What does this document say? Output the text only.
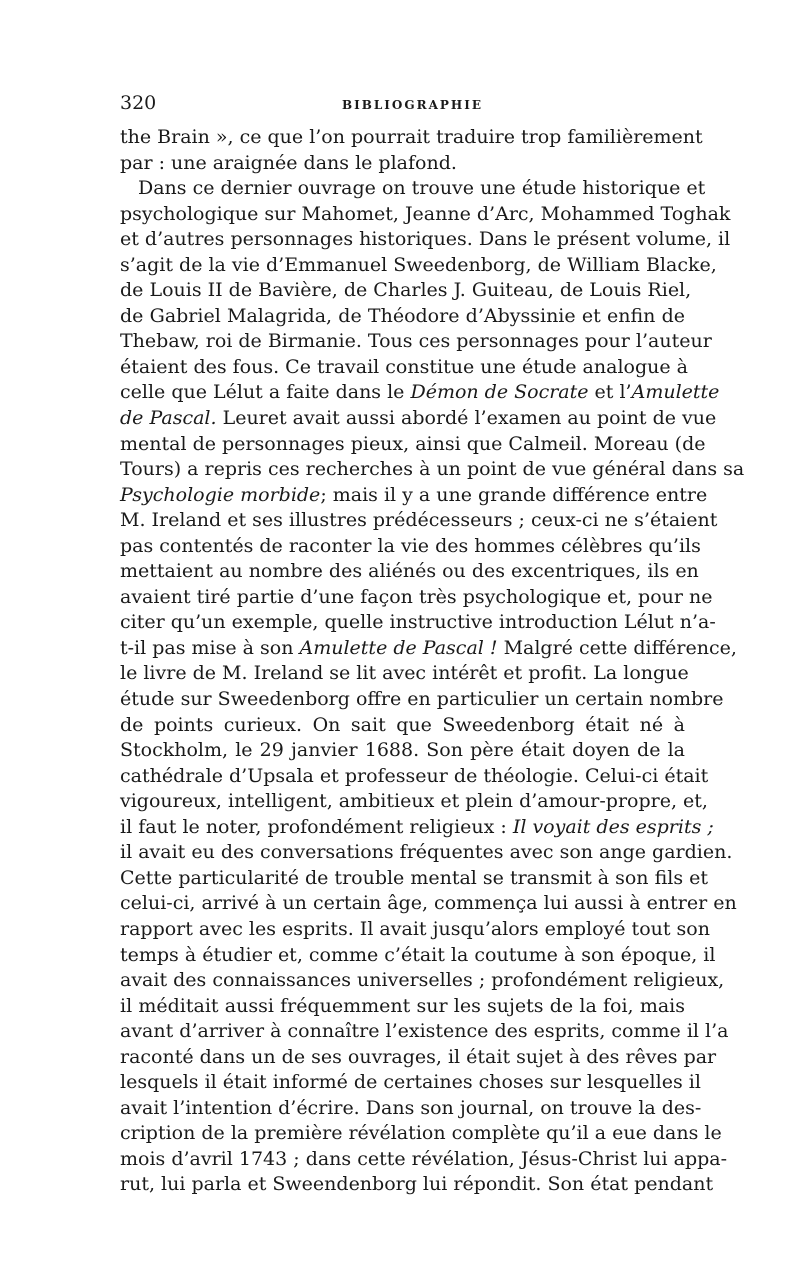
320	BIBLIOGRAPHIE
the Brain », ce que l’on pourrait traduire trop familièrement
par : une araignée dans le plafond.
Dans ce dernier ouvrage on trouve une étude historique et
psychologique sur Mahomet, Jeanne d’Arc, Mohammed Toghak
et d’autres personnages historiques. Dans le présent volume, il
s’agit de la vie d’Emmanuel Sweedenborg, de William Blacke,
de Louis II de Bavière, de Charles J. Guiteau, de Louis Riel,
de Gabriel Malagrida, de Théodore d’Abyssinie et enfin de
Thebaw, roi de Birmanie. Tous ces personnages pour l’auteur
étaient des fous. Ce travail constitue une étude analogue à
celle que Lélut a faite dans le Démon de Socrate et l’Amulette
de Pascal. Leuret avait aussi abordé l’examen au point de vue
mental de personnages pieux, ainsi que Calmeil. Moreau (de
Tours) a repris ces recherches à un point de vue général dans sa
Psychologie morbide; mais il y a une grande différence entre
M. Ireland et ses illustres prédécesseurs ; ceux-ci ne s’étaient
pas contentés de raconter la vie des hommes célèbres qu’ils
mettaient au nombre des aliénés ou des excentriques, ils en
avaient tiré partie d’une façon très psychologique et, pour ne
citer qu’un exemple, quelle instructive introduction Lélut n’a-
t-il pas mise à son Amulette de Pascal ! Malgré cette différence,
le livre de M. Ireland se lit avec intérêt et profit. La longue
étude sur Sweedenborg offre en particulier un certain nombre
de points curieux. On sait que Sweedenborg était né à
Stockholm, le 29 janvier 1688. Son père était doyen de la
cathédrale d’Upsala et professeur de théologie. Celui-ci était
vigoureux, intelligent, ambitieux et plein d’amour-propre, et,
il faut le noter, profondément religieux : Il voyait des esprits ;
il avait eu des conversations fréquentes avec son ange gardien.
Cette particularité de trouble mental se transmit à son fils et
celui-ci, arrivé à un certain âge, commença lui aussi à entrer en
rapport avec les esprits. Il avait jusqu’alors employé tout son
temps à étudier et, comme c’était la coutume à son époque, il
avait des connaissances universelles ; profondément religieux,
il méditait aussi fréquemment sur les sujets de la foi, mais
avant d’arriver à connaître l’existence des esprits, comme il l’a
raconté dans un de ses ouvrages, il était sujet à des rêves par
lesquels il était informé de certaines choses sur lesquelles il
avait l’intention d’écrire. Dans son journal, on trouve la des-
cription de la première révélation complète qu’il a eue dans le
mois d’avril 1743 ; dans cette révélation, Jésus-Christ lui appa-
rut, lui parla et Sweendenborg lui répondit. Son état pendant
